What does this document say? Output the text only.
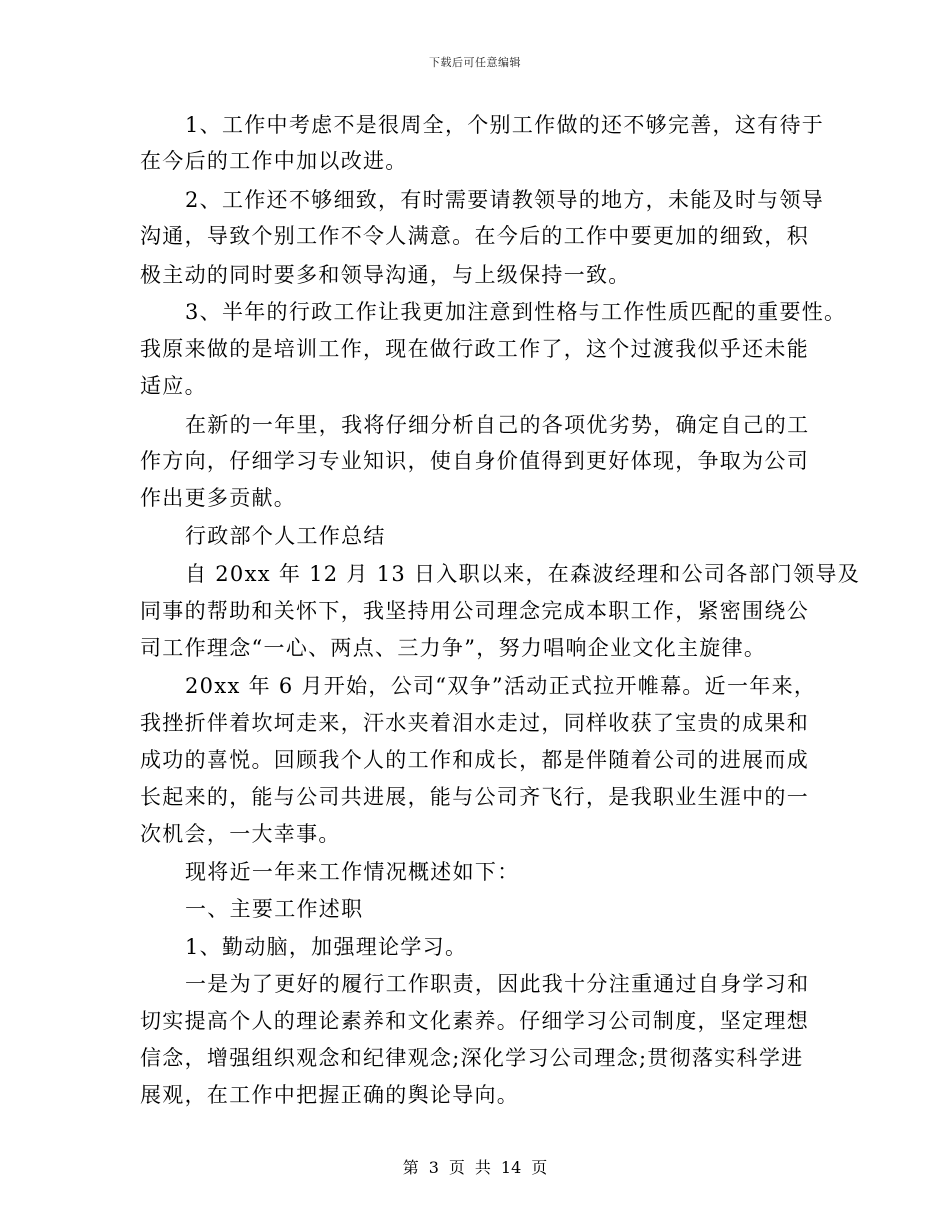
下载后可任意编辑
1、工作中考虑不是很周全，个别工作做的还不够完善，这有待于
在今后的工作中加以改进。
2、工作还不够细致，有时需要请教领导的地方，未能及时与领导
沟通，导致个别工作不令人满意。在今后的工作中要更加的细致，积
极主动的同时要多和领导沟通，与上级保持一致。
3、半年的行政工作让我更加注意到性格与工作性质匹配的重要性。
我原来做的是培训工作，现在做行政工作了，这个过渡我似乎还未能
适应。
在新的一年里，我将仔细分析自己的各项优劣势，确定自己的工
作方向，仔细学习专业知识，使自身价值得到更好体现，争取为公司
作出更多贡献。
行政部个人工作总结
自 20xx 年 12 月 13 日入职以来，在森波经理和公司各部门领导及
同事的帮助和关怀下，我坚持用公司理念完成本职工作，紧密围绕公
司工作理念“一心、两点、三力争”，努力唱响企业文化主旋律。
20xx 年 6 月开始，公司“双争”活动正式拉开帷幕。近一年来，
我挫折伴着坎坷走来，汗水夹着泪水走过，同样收获了宝贵的成果和
成功的喜悦。回顾我个人的工作和成长，都是伴随着公司的进展而成
长起来的，能与公司共进展，能与公司齐飞行，是我职业生涯中的一
次机会，一大幸事。
现将近一年来工作情况概述如下：
一、主要工作述职
1、勤动脑，加强理论学习。
一是为了更好的履行工作职责，因此我十分注重通过自身学习和
切实提高个人的理论素养和文化素养。仔细学习公司制度，坚定理想
信念，增强组织观念和纪律观念;深化学习公司理念;贯彻落实科学进
展观，在工作中把握正确的舆论导向。
第 3 页 共 14 页
